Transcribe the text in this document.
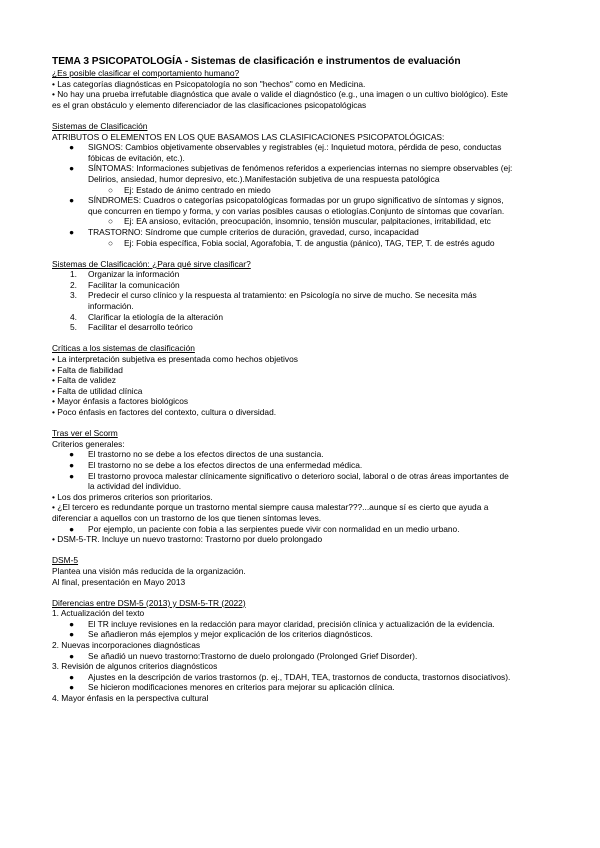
TEMA 3 PSICOPATOLOGÍA - Sistemas de clasificación e instrumentos de evaluación
¿Es posible clasificar el comportamiento humano?
• Las categorías diagnósticas en Psicopatología no son "hechos" como en Medicina.
• No hay una prueba irrefutable diagnóstica que avale o valide el diagnóstico (e.g., una imagen o un cultivo biológico). Este
es el gran obstáculo y elemento diferenciador de las clasificaciones psicopatológicas
Sistemas de Clasificación
ATRIBUTOS O ELEMENTOS EN LOS QUE BASAMOS LAS CLASIFICACIONES PSICOPATOLÓGICAS:
● SIGNOS: Cambios objetivamente observables y registrables (ej.: Inquietud motora, pérdida de peso, conductas
fóbicas de evitación, etc.).
● SÍNTOMAS: Informaciones subjetivas de fenómenos referidos a experiencias internas no siempre observables (ej:
Delirios, ansiedad, humor depresivo, etc.).Manifestación subjetiva de una respuesta patológica
○ Ej: Estado de ánimo centrado en miedo
● SÍNDROMES: Cuadros o categorías psicopatológicas formadas por un grupo significativo de síntomas y signos,
que concurren en tiempo y forma, y con varias posibles causas o etiologías.Conjunto de síntomas que covarían.
○ Ej: EA ansioso, evitación, preocupación, insomnio, tensión muscular, palpitaciones, irritabilidad, etc
● TRASTORNO: Síndrome que cumple criterios de duración, gravedad, curso, incapacidad
○ Ej: Fobia específica, Fobia social, Agorafobia, T. de angustia (pánico), TAG, TEP, T. de estrés agudo
Sistemas de Clasificación: ¿Para qué sirve clasificar?
1. Organizar la información
2. Facilitar la comunicación
3. Predecir el curso clínico y la respuesta al tratamiento: en Psicología no sirve de mucho. Se necesita más
información.
4. Clarificar la etiología de la alteración
5. Facilitar el desarrollo teórico
Críticas a los sistemas de clasificación
• La interpretación subjetiva es presentada como hechos objetivos
• Falta de fiabilidad
• Falta de validez
• Falta de utilidad clínica
• Mayor énfasis a factores biológicos
• Poco énfasis en factores del contexto, cultura o diversidad.
Tras ver el Scorm
Criterios generales:
● El trastorno no se debe a los efectos directos de una sustancia.
● El trastorno no se debe a los efectos directos de una enfermedad médica.
● El trastorno provoca malestar clínicamente significativo o deterioro social, laboral o de otras áreas importantes de
la actividad del individuo.
• Los dos primeros criterios son prioritarios.
• ¿El tercero es redundante porque un trastorno mental siempre causa malestar???...aunque sí es cierto que ayuda a
diferenciar a aquellos con un trastorno de los que tienen síntomas leves.
● Por ejemplo, un paciente con fobia a las serpientes puede vivir con normalidad en un medio urbano.
• DSM-5-TR. Incluye un nuevo trastorno: Trastorno por duelo prolongado
DSM-5
Plantea una visión más reducida de la organización.
Al final, presentación en Mayo 2013
Diferencias entre DSM-5 (2013) y DSM-5-TR (2022)
1. Actualización del texto
● El TR incluye revisiones en la redacción para mayor claridad, precisión clínica y actualización de la evidencia.
● Se añadieron más ejemplos y mejor explicación de los criterios diagnósticos.
2. Nuevas incorporaciones diagnósticas
● Se añadió un nuevo trastorno:Trastorno de duelo prolongado (Prolonged Grief Disorder).
3. Revisión de algunos criterios diagnósticos
● Ajustes en la descripción de varios trastornos (p. ej., TDAH, TEA, trastornos de conducta, trastornos disociativos).
● Se hicieron modificaciones menores en criterios para mejorar su aplicación clínica.
4. Mayor énfasis en la perspectiva cultural
